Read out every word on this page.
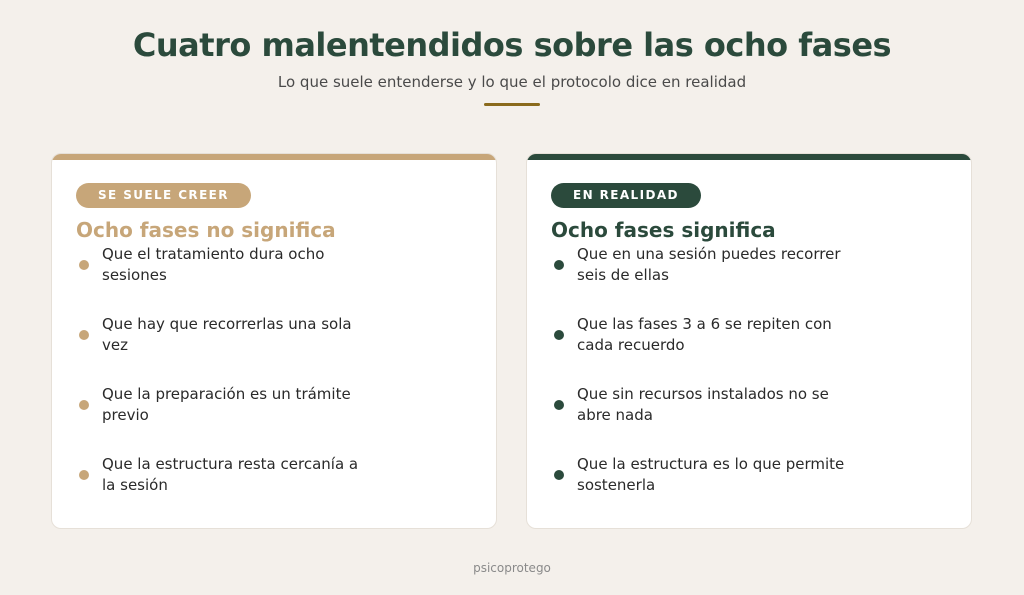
Cuatro malentendidos sobre las ocho fases

Lo que suele entenderse y lo que el protocolo dice en realidad

SE SUELE CREER
Ocho fases no significa
Que el tratamiento dura ocho sesiones
Que hay que recorrerlas una sola vez
Que la preparación es un trámite previo
Que la estructura resta cercanía a la sesión
EN REALIDAD
Ocho fases significa
Que en una sesión puedes recorrer seis de ellas
Que las fases 3 a 6 se repiten con cada recuerdo
Que sin recursos instalados no se abre nada
Que la estructura es lo que permite sostenerla

psicoprotego
